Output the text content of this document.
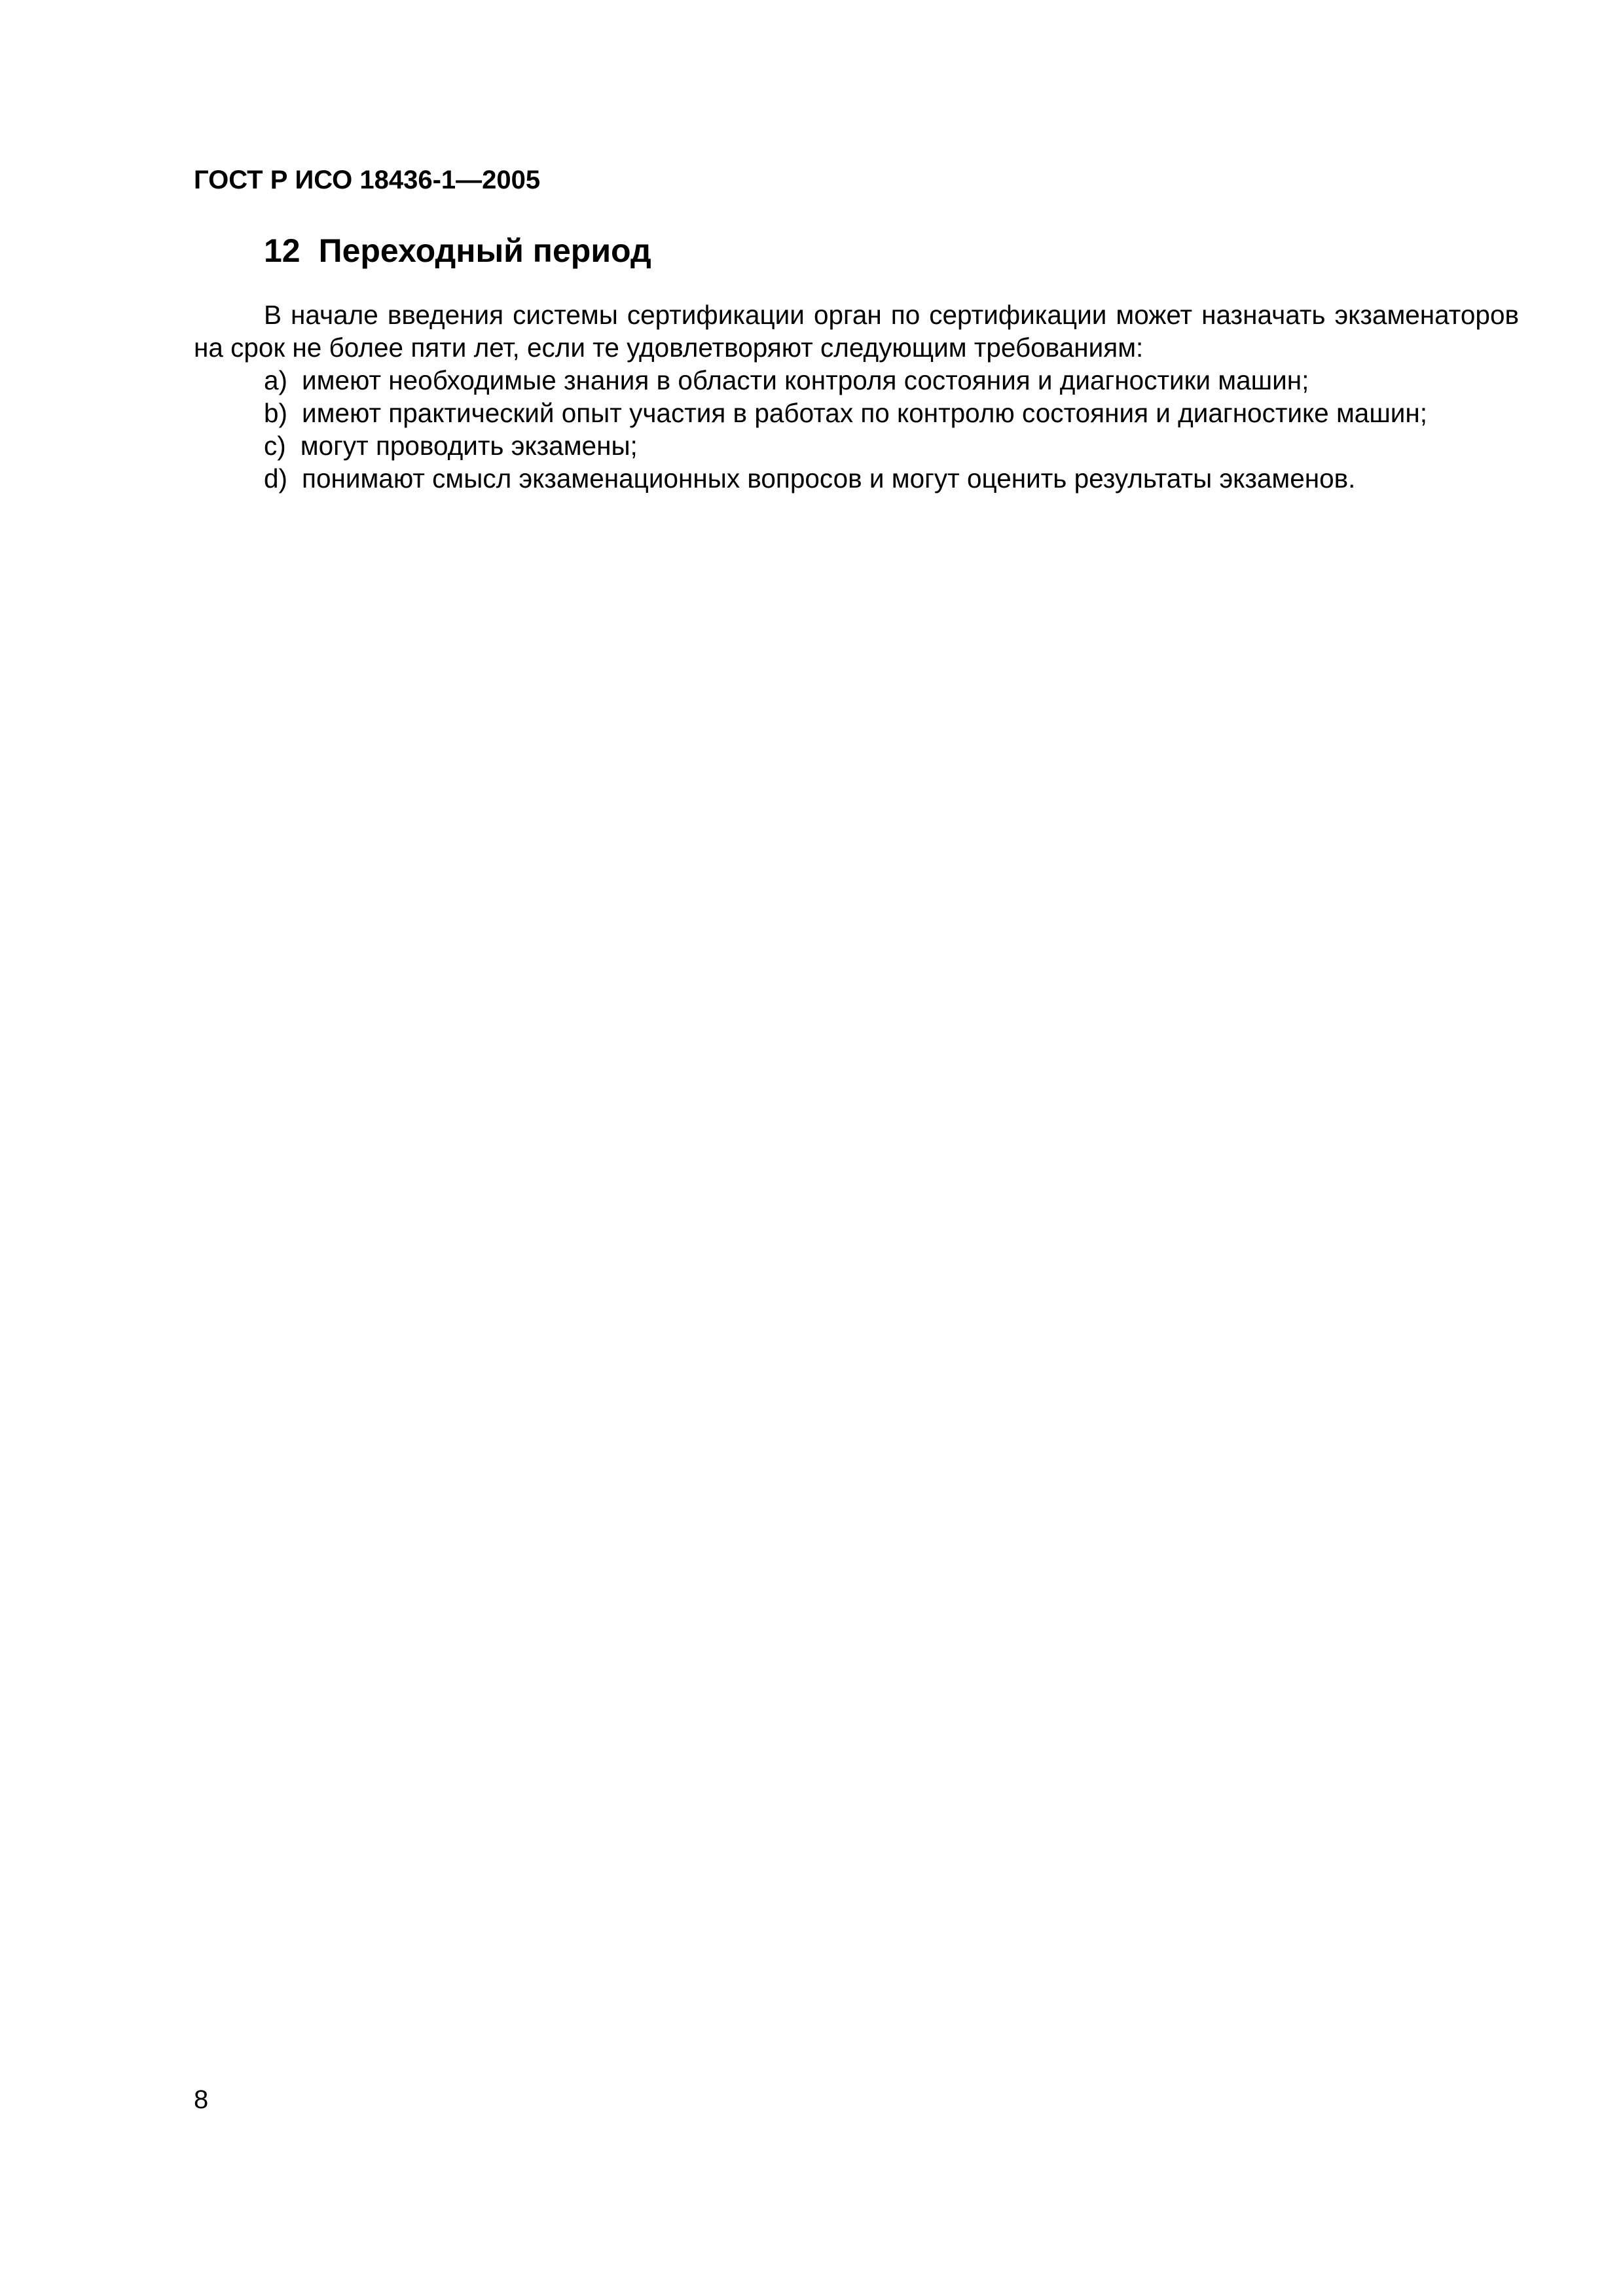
ГОСТ Р ИСО 18436-1—2005
12 Переходный период

В начале введения системы сертификации орган по сертификации может назначать экзаменаторов на срок не более пяти лет, если те удовлетворяют следующим требованиям:

a) имеют необходимые знания в области контроля состояния и диагностики машин;
b) имеют практический опыт участия в работах по контролю состояния и диагностике машин;
c) могут проводить экзамены;
d) понимают смысл экзаменационных вопросов и могут оценить результаты экзаменов.
8
